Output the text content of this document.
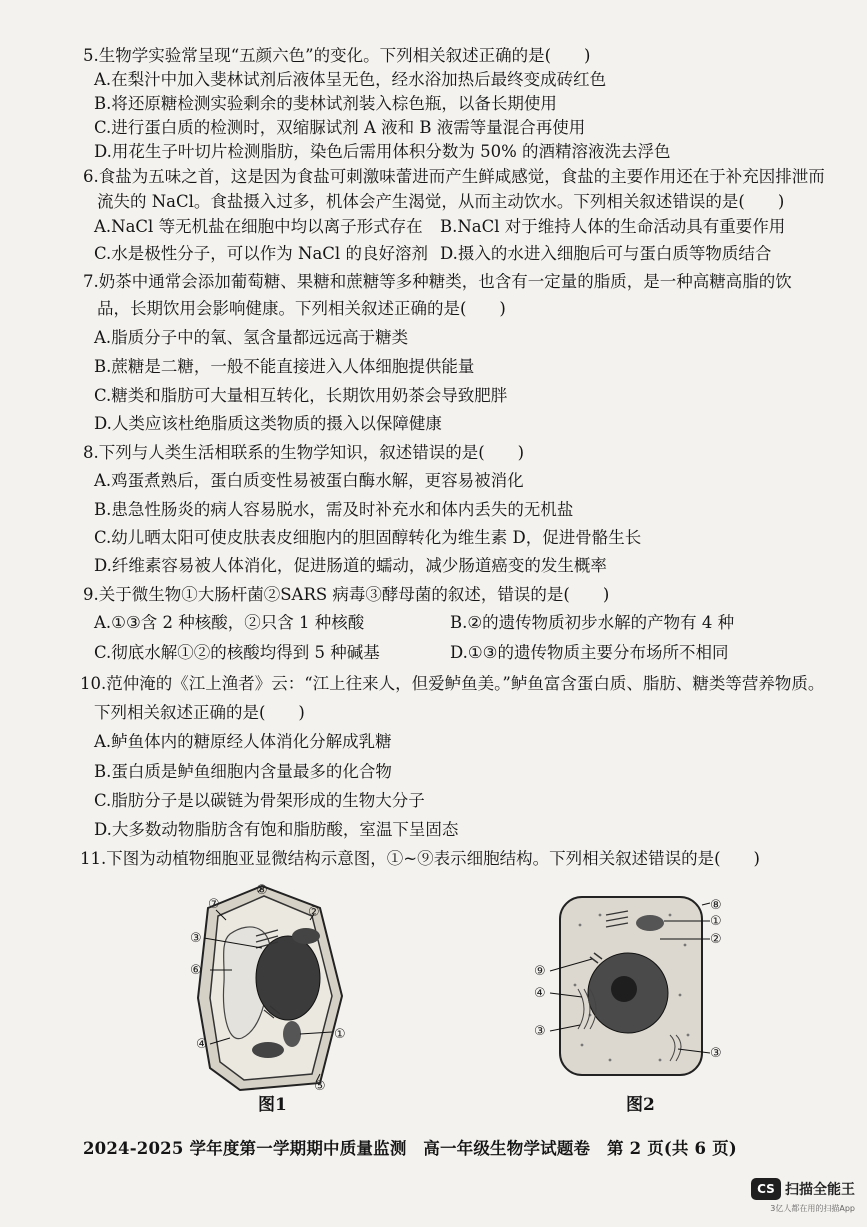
5.生物学实验常呈现“五颜六色”的变化。下列相关叙述正确的是(　　)
A.在梨汁中加入斐林试剂后液体呈无色，经水浴加热后最终变成砖红色
B.将还原糖检测实验剩余的斐林试剂装入棕色瓶，以备长期使用
C.进行蛋白质的检测时，双缩脲试剂 A 液和 B 液需等量混合再使用
D.用花生子叶切片检测脂肪，染色后需用体积分数为 50% 的酒精溶液洗去浮色
6.食盐为五味之首，这是因为食盐可刺激味蕾进而产生鲜咸感觉，食盐的主要作用还在于补充因排泄而
流失的 NaCl。食盐摄入过多，机体会产生渴觉，从而主动饮水。下列相关叙述错误的是(　　)
A.NaCl 等无机盐在细胞中均以离子形式存在 B.NaCl 对于维持人体的生命活动具有重要作用
C.水是极性分子，可以作为 NaCl 的良好溶剂 D.摄入的水进入细胞后可与蛋白质等物质结合
7.奶茶中通常会添加葡萄糖、果糖和蔗糖等多种糖类，也含有一定量的脂质，是一种高糖高脂的饮
品，长期饮用会影响健康。下列相关叙述正确的是(　　)
A.脂质分子中的氧、氢含量都远远高于糖类
B.蔗糖是二糖，一般不能直接进入人体细胞提供能量
C.糖类和脂肪可大量相互转化，长期饮用奶茶会导致肥胖
D.人类应该杜绝脂质这类物质的摄入以保障健康
8.下列与人类生活相联系的生物学知识，叙述错误的是(　　)
A.鸡蛋煮熟后，蛋白质变性易被蛋白酶水解，更容易被消化
B.患急性肠炎的病人容易脱水，需及时补充水和体内丢失的无机盐
C.幼儿晒太阳可使皮肤表皮细胞内的胆固醇转化为维生素 D，促进骨骼生长
D.纤维素容易被人体消化，促进肠道的蠕动，减少肠道癌变的发生概率
9.关于微生物①大肠杆菌②SARS 病毒③酵母菌的叙述，错误的是(　　)
A.①③含 2 种核酸，②只含 1 种核酸	B.②的遗传物质初步水解的产物有 4 种
C.彻底水解①②的核酸均得到 5 种碱基	D.①③的遗传物质主要分布场所不相同
10.范仲淹的《江上渔者》云：“江上往来人，但爱鲈鱼美。”鲈鱼富含蛋白质、脂肪、糖类等营养物质。
下列相关叙述正确的是(　　)
A.鲈鱼体内的糖原经人体消化分解成乳糖
B.蛋白质是鲈鱼细胞内含量最多的化合物
C.脂肪分子是以碳链为骨架形成的生物大分子
D.大多数动物脂肪含有饱和脂肪酸，室温下呈固态
11.下图为动植物细胞亚显微结构示意图，①~⑨表示细胞结构。下列相关叙述错误的是(　　)
⑦
⑧
②
③
⑥
①
④
⑤
图1
⑧
①
②
⑨
④
③
③
图2
2024-2025 学年度第一学期期中质量监测　高一年级生物学试题卷　第 2 页(共 6 页)
CS 扫描全能王
3亿人都在用的扫描App
